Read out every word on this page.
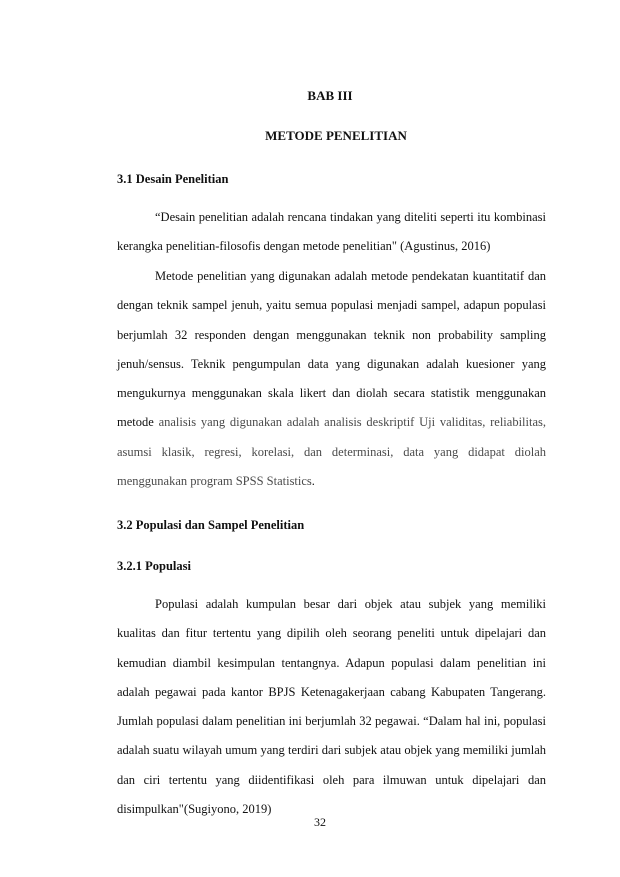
BAB III
METODE PENELITIAN
3.1 Desain Penelitian

“Desain penelitian adalah rencana tindakan yang diteliti seperti itu kombinasi kerangka penelitian-filosofis dengan metode penelitian" (Agustinus, 2016)

Metode penelitian yang digunakan adalah metode pendekatan kuantitatif dan dengan teknik sampel jenuh, yaitu semua populasi menjadi sampel, adapun populasi berjumlah 32 responden dengan menggunakan teknik non probability sampling jenuh/sensus. Teknik pengumpulan data yang digunakan adalah kuesioner yang mengukurnya menggunakan skala likert dan diolah secara statistik menggunakan metode analisis yang digunakan adalah analisis deskriptif Uji validitas, reliabilitas, asumsi klasik, regresi, korelasi, dan determinasi, data yang didapat diolah menggunakan program SPSS Statistics.

3.2 Populasi dan Sampel Penelitian
3.2.1 Populasi

Populasi adalah kumpulan besar dari objek atau subjek yang memiliki kualitas dan fitur tertentu yang dipilih oleh seorang peneliti untuk dipelajari dan kemudian diambil kesimpulan tentangnya. Adapun populasi dalam penelitian ini adalah pegawai pada kantor BPJS Ketenagakerjaan cabang Kabupaten Tangerang. Jumlah populasi dalam penelitian ini berjumlah 32 pegawai. “Dalam hal ini, populasi adalah suatu wilayah umum yang terdiri dari subjek atau objek yang memiliki jumlah dan ciri tertentu yang diidentifikasi oleh para ilmuwan untuk dipelajari dan disimpulkan"(Sugiyono, 2019)

32
